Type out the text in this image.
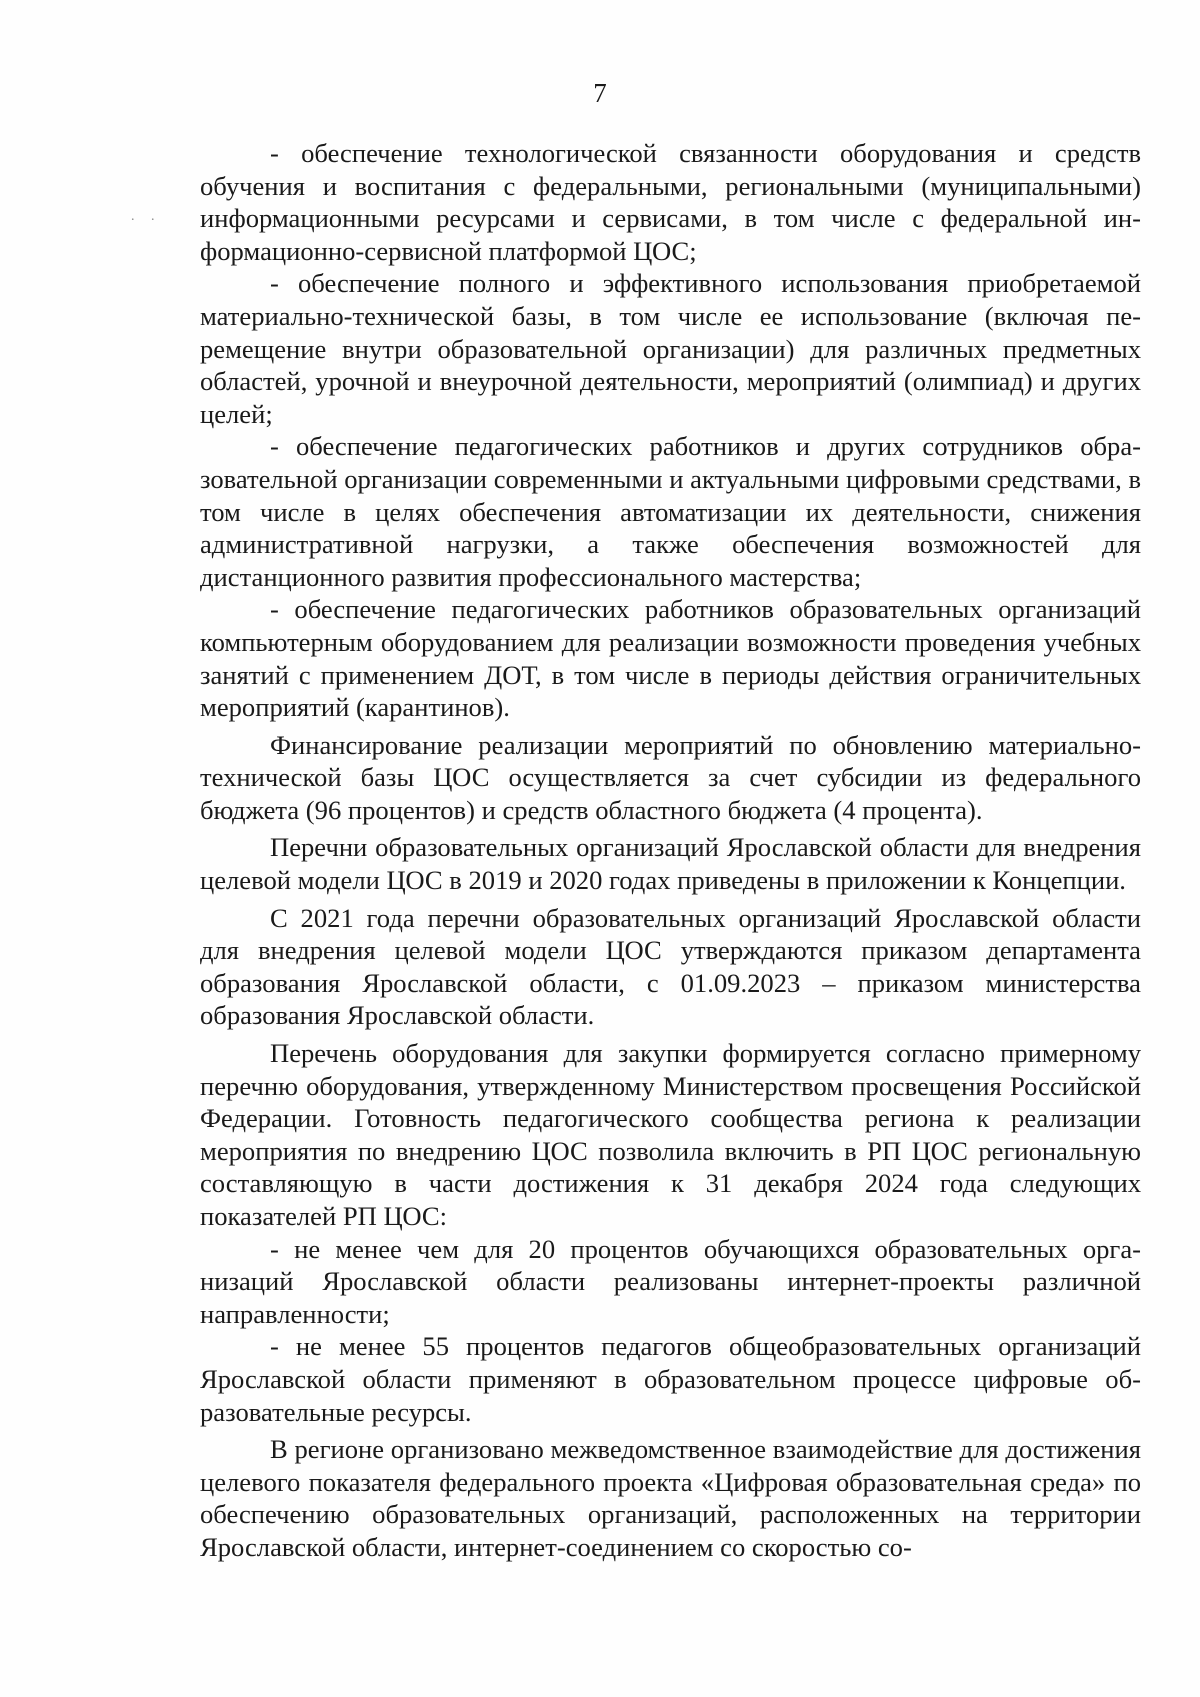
7
. .

- обеспечение технологической связанности оборудования и средств обучения и воспитания с федеральными, региональными (муниципальными) информационными ресурсами и сервисами, в том числе с федеральной информационно-сервисной платформой ЦОС;

- обеспечение полного и эффективного использования приобретаемой материально-технической базы, в том числе ее использование (включая перемещение внутри образовательной организации) для различных предметных областей, урочной и внеурочной деятельности, мероприятий (олимпиад) и других целей;

- обеспечение педагогических работников и других сотрудников образовательной организации современными и актуальными цифровыми средствами, в том числе в целях обеспечения автоматизации их деятельности, снижения административной нагрузки, а также обеспечения возможностей для дистанционного развития профессионального мастерства;

- обеспечение педагогических работников образовательных организаций компьютерным оборудованием для реализации возможности проведения учебных занятий с применением ДОТ, в том числе в периоды действия ограничительных мероприятий (карантинов).

Финансирование реализации мероприятий по обновлению материально-технической базы ЦОС осуществляется за счет субсидии из федерального бюджета (96 процентов) и средств областного бюджета (4 процента).

Перечни образовательных организаций Ярославской области для внедрения целевой модели ЦОС в 2019 и 2020 годах приведены в приложении к Концепции.

С 2021 года перечни образовательных организаций Ярославской области для внедрения целевой модели ЦОС утверждаются приказом департамента образования Ярославской области, с 01.09.2023 – приказом министерства образования Ярославской области.

Перечень оборудования для закупки формируется согласно примерному перечню оборудования, утвержденному Министерством просвещения Российской Федерации. Готовность педагогического сообщества региона к реализации мероприятия по внедрению ЦОС позволила включить в РП ЦОС региональную составляющую в части достижения к 31 декабря 2024 года следующих показателей РП ЦОС:

- не менее чем для 20 процентов обучающихся образовательных организаций Ярославской области реализованы интернет-проекты различной направленности;

- не менее 55 процентов педагогов общеобразовательных организаций Ярославской области применяют в образовательном процессе цифровые образовательные ресурсы.

В регионе организовано межведомственное взаимодействие для достижения целевого показателя федерального проекта «Цифровая образовательная среда» по обеспечению образовательных организаций, расположенных на территории Ярославской области, интернет-соединением со скоростью со-
